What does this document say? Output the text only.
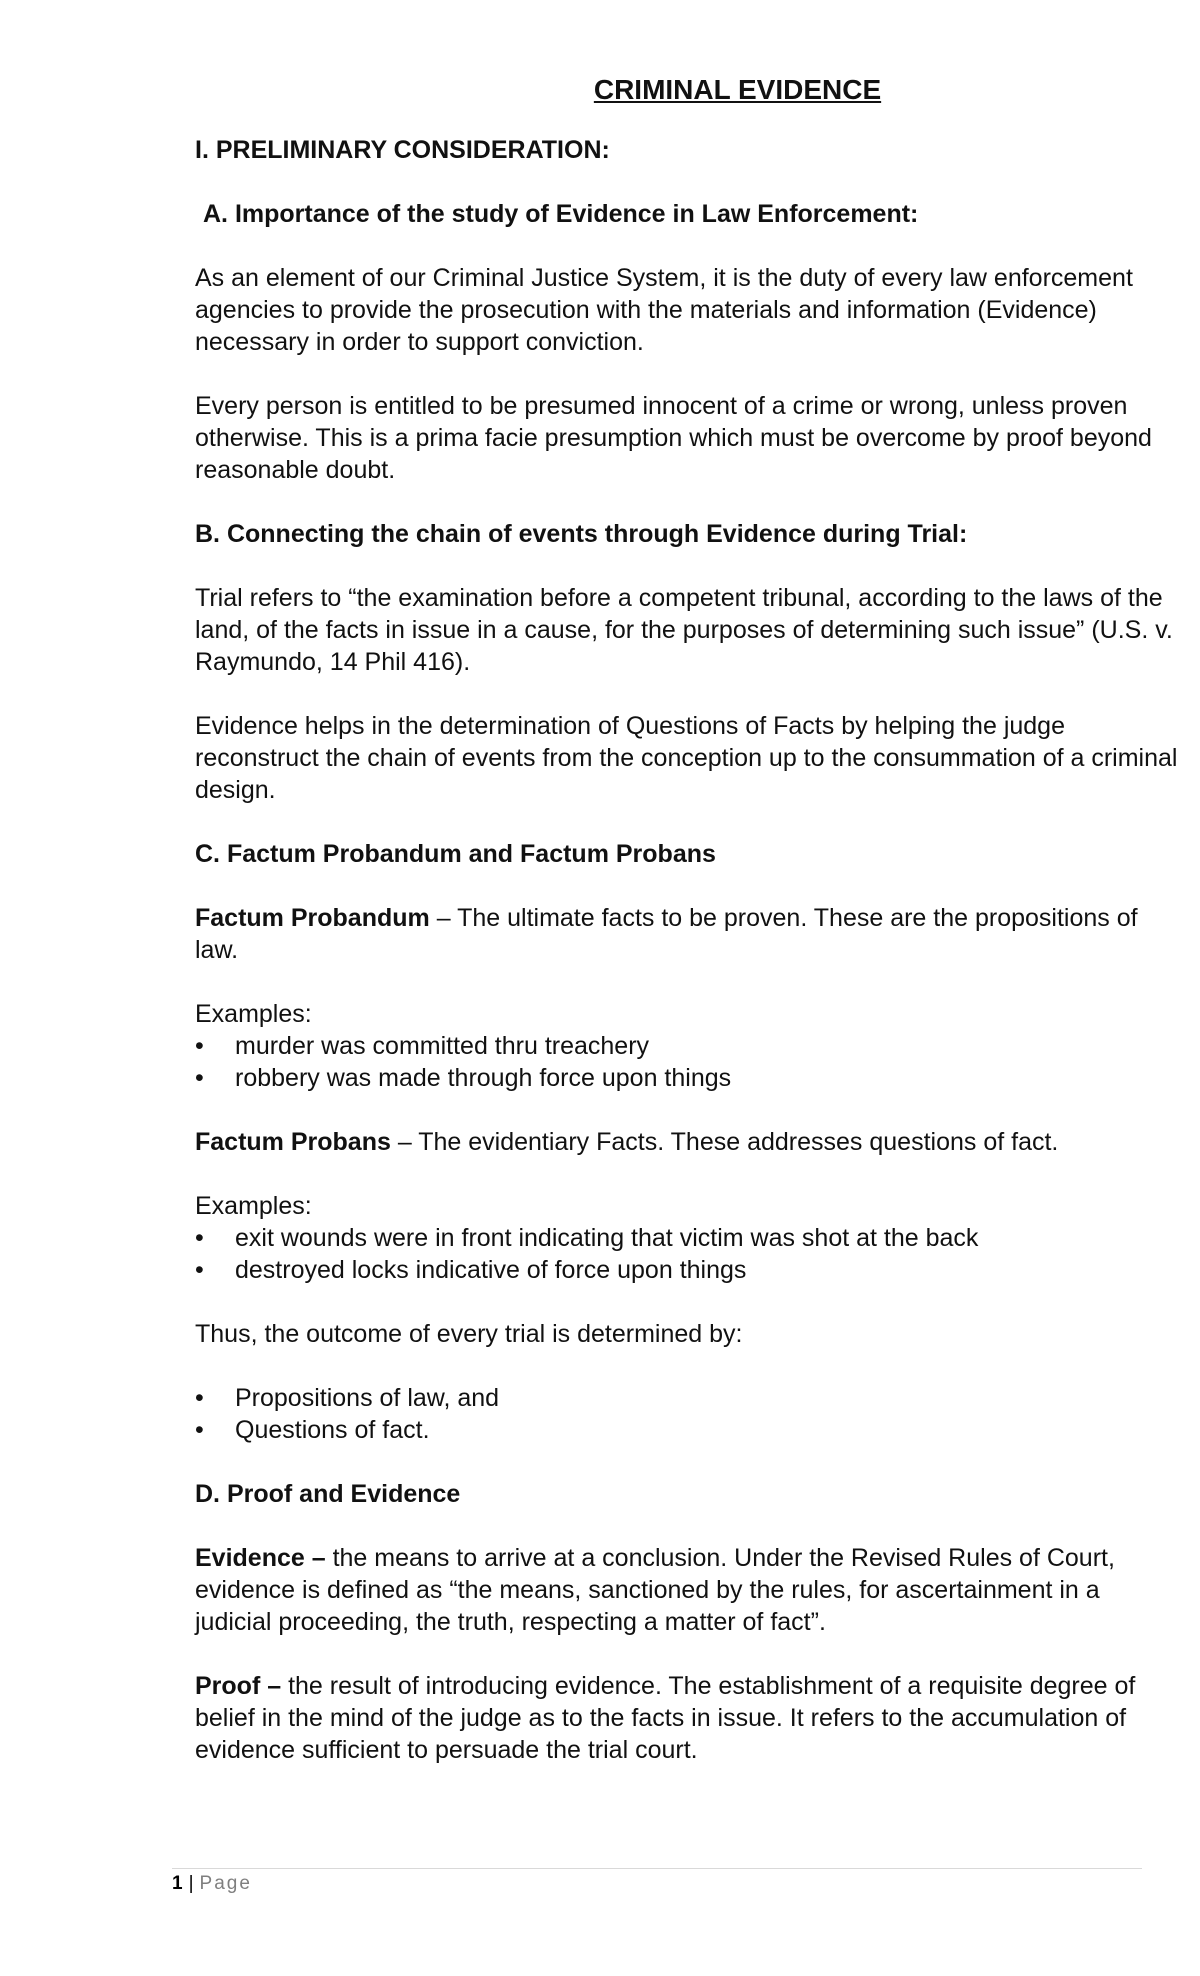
CRIMINAL EVIDENCE
I. PRELIMINARY CONSIDERATION:
A. Importance of the study of Evidence in Law Enforcement:

As an element of our Criminal Justice System, it is the duty of every law enforcement agencies to provide the prosecution with the materials and information (Evidence) necessary in order to support conviction.

Every person is entitled to be presumed innocent of a crime or wrong, unless proven otherwise. This is a prima facie presumption which must be overcome by proof beyond reasonable doubt.

B. Connecting the chain of events through Evidence during Trial:

Trial refers to “the examination before a competent tribunal, according to the laws of the land, of the facts in issue in a cause, for the purposes of determining such issue” (U.S. v. Raymundo, 14 Phil 416).

Evidence helps in the determination of Questions of Facts by helping the judge reconstruct the chain of events from the conception up to the consummation of a criminal design.

C. Factum Probandum and Factum Probans

Factum Probandum – The ultimate facts to be proven. These are the propositions of law.

Examples:

• murder was committed thru treachery
• robbery was made through force upon things

Factum Probans – The evidentiary Facts. These addresses questions of fact.

Examples:

• exit wounds were in front indicating that victim was shot at the back
• destroyed locks indicative of force upon things

Thus, the outcome of every trial is determined by:

• Propositions of law, and
• Questions of fact.
D. Proof and Evidence

Evidence – the means to arrive at a conclusion. Under the Revised Rules of Court, evidence is defined as “the means, sanctioned by the rules, for ascertainment in a judicial proceeding, the truth, respecting a matter of fact”.

Proof – the result of introducing evidence. The establishment of a requisite degree of belief in the mind of the judge as to the facts in issue. It refers to the accumulation of evidence sufficient to persuade the trial court.

1 | Page
